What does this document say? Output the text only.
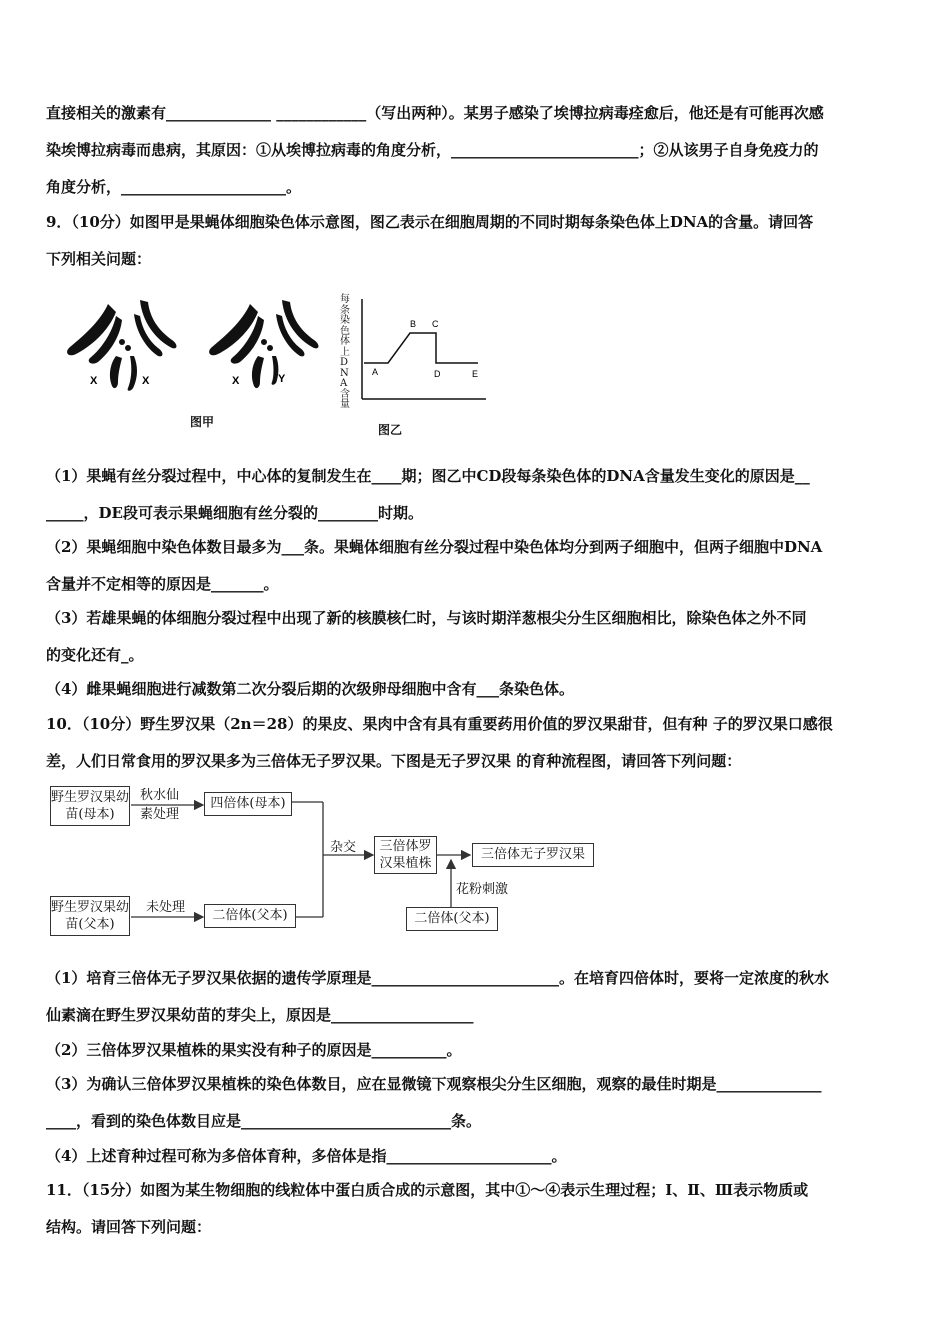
直接相关的激素有______________ ____________（写出两种）。某男子感染了埃博拉病毒痊愈后，他还是有可能再次感
染埃博拉病毒而患病，其原因：①从埃博拉病毒的角度分析，_________________________；②从该男子自身免疫力的
角度分析，______________________。
9．（10分）如图甲是果蝇体细胞染色体示意图，图乙表示在细胞周期的不同时期每条染色体上DNA的含量。请回答
下列相关问题：
X	X	X	Y
图甲
每条染色体上DNA含量
A
B C
D	E
图乙
（1）果蝇有丝分裂过程中，中心体的复制发生在____期；图乙中CD段每条染色体的DNA含量发生变化的原因是__
_____，DE段可表示果蝇细胞有丝分裂的________时期。
（2）果蝇细胞中染色体数目最多为___条。果蝇体细胞有丝分裂过程中染色体均分到两子细胞中，但两子细胞中DNA
含量并不定相等的原因是_______。
（3）若雄果蝇的体细胞分裂过程中出现了新的核膜核仁时，与该时期洋葱根尖分生区细胞相比，除染色体之外不同
的变化还有_。
（4）雌果蝇细胞进行减数第二次分裂后期的次级卵母细胞中含有___条染色体。
10．（10分）野生罗汉果（2n＝28）的果皮、果肉中含有具有重要药用价值的罗汉果甜苷，但有种 子的罗汉果口感很
差，人们日常食用的罗汉果多为三倍体无子罗汉果。下图是无子罗汉果 的育种流程图，请回答下列问题：
野生罗汉果幼苗(母本)
秋水仙素处理
四倍体(母本)
杂交	三倍体罗汉果植株
三倍体无子罗汉果
花粉刺激
野生罗汉果幼苗(父本)
未处理
二倍体(父本)	二倍体(父本)
（1）培育三倍体无子罗汉果依据的遗传学原理是_________________________。在培育四倍体时，要将一定浓度的秋水
仙素滴在野生罗汉果幼苗的芽尖上，原因是___________________
（2）三倍体罗汉果植株的果实没有种子的原因是__________。
（3）为确认三倍体罗汉果植株的染色体数目，应在显微镜下观察根尖分生区细胞，观察的最佳时期是______________
____，看到的染色体数目应是____________________________条。
（4）上述育种过程可称为多倍体育种，多倍体是指______________________。
11．（15分）如图为某生物细胞的线粒体中蛋白质合成的示意图，其中①～④表示生理过程；Ⅰ、Ⅱ、Ⅲ表示物质或
结构。请回答下列问题：
